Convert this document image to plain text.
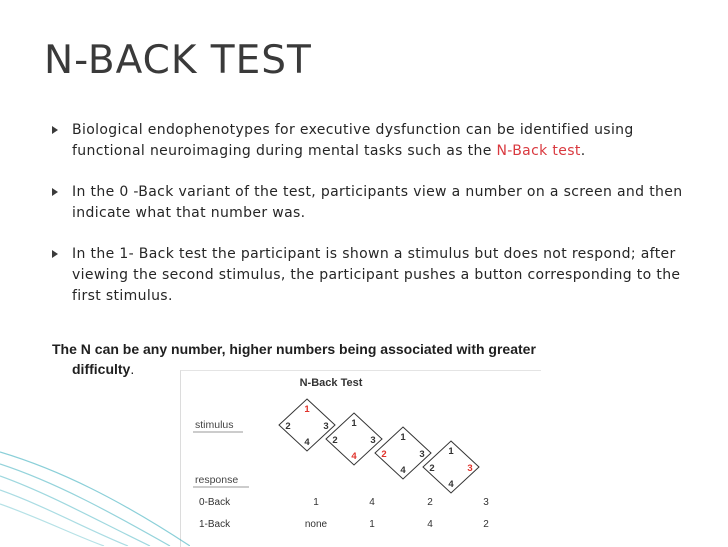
N-BACK TEST
Biological endophenotypes for executive dysfunction can be identified using functional neuroimaging during mental tasks such as the N-Back test.
In the 0 -Back variant of the test, participants view a number on a screen and then indicate what that number was.
In the 1- Back test the participant is shown a stimulus but does not respond; after viewing the second stimulus, the participant pushes a button corresponding to the first stimulus.
The N can be any number, higher numbers being associated with greater
difficulty.
N-Back Test
stimulus
response
1
2	3
4
1
2	3
4
1
2	3
4
1
2	3
4
0-Back	1	4	2	3
1-Back	none	1	4	2
